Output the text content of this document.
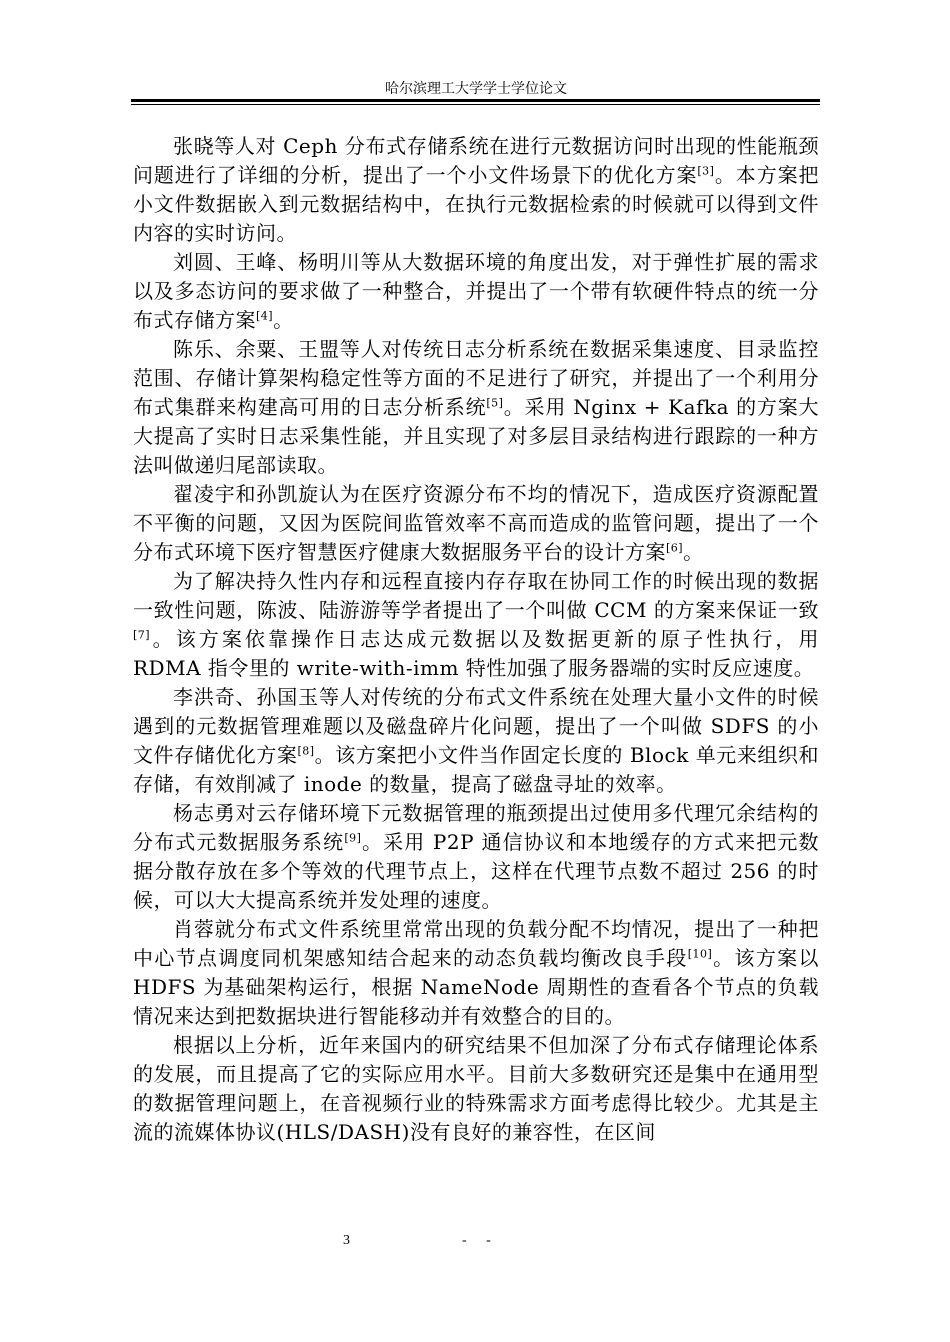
哈尔滨理工大学学士学位论文

张晓等人对 Ceph 分布式存储系统在进行元数据访问时出现的性能瓶颈问题进行了详细的分析，提出了一个小文件场景下的优化方案[3]。本方案把小文件数据嵌入到元数据结构中，在执行元数据检索的时候就可以得到文件内容的实时访问。

刘圆、王峰、杨明川等从大数据环境的角度出发，对于弹性扩展的需求以及多态访问的要求做了一种整合，并提出了一个带有软硬件特点的统一分布式存储方案[4]。

陈乐、余粟、王盟等人对传统日志分析系统在数据采集速度、目录监控范围、存储计算架构稳定性等方面的不足进行了研究，并提出了一个利用分布式集群来构建高可用的日志分析系统[5]。采用 Nginx + Kafka 的方案大大提高了实时日志采集性能，并且实现了对多层目录结构进行跟踪的一种方法叫做递归尾部读取。

翟凌宇和孙凯旋认为在医疗资源分布不均的情况下，造成医疗资源配置不平衡的问题，又因为医院间监管效率不高而造成的监管问题，提出了一个分布式环境下医疗智慧医疗健康大数据服务平台的设计方案[6]。

为了解决持久性内存和远程直接内存存取在协同工作的时候出现的数据一致性问题，陈波、陆游游等学者提出了一个叫做 CCM 的方案来保证一致[7]。该方案依靠操作日志达成元数据以及数据更新的原子性执行，用 RDMA 指令里的 write-with-imm 特性加强了服务器端的实时反应速度。

李洪奇、孙国玉等人对传统的分布式文件系统在处理大量小文件的时候遇到的元数据管理难题以及磁盘碎片化问题，提出了一个叫做 SDFS 的小文件存储优化方案[8]。该方案把小文件当作固定长度的 Block 单元来组织和存储，有效削减了 inode 的数量，提高了磁盘寻址的效率。

杨志勇对云存储环境下元数据管理的瓶颈提出过使用多代理冗余结构的分布式元数据服务系统[9]。采用 P2P 通信协议和本地缓存的方式来把元数据分散存放在多个等效的代理节点上，这样在代理节点数不超过 256 的时候，可以大大提高系统并发处理的速度。

肖蓉就分布式文件系统里常常出现的负载分配不均情况，提出了一种把中心节点调度同机架感知结合起来的动态负载均衡改良手段[10]。该方案以 HDFS 为基础架构运行，根据 NameNode 周期性的查看各个节点的负载情况来达到把数据块进行智能移动并有效整合的目的。

根据以上分析，近年来国内的研究结果不但加深了分布式存储理论体系的发展，而且提高了它的实际应用水平。目前大多数研究还是集中在通用型的数据管理问题上，在音视频行业的特殊需求方面考虑得比较少。尤其是主流的流媒体协议(HLS/DASH)没有良好的兼容性，在区间

3	- -
